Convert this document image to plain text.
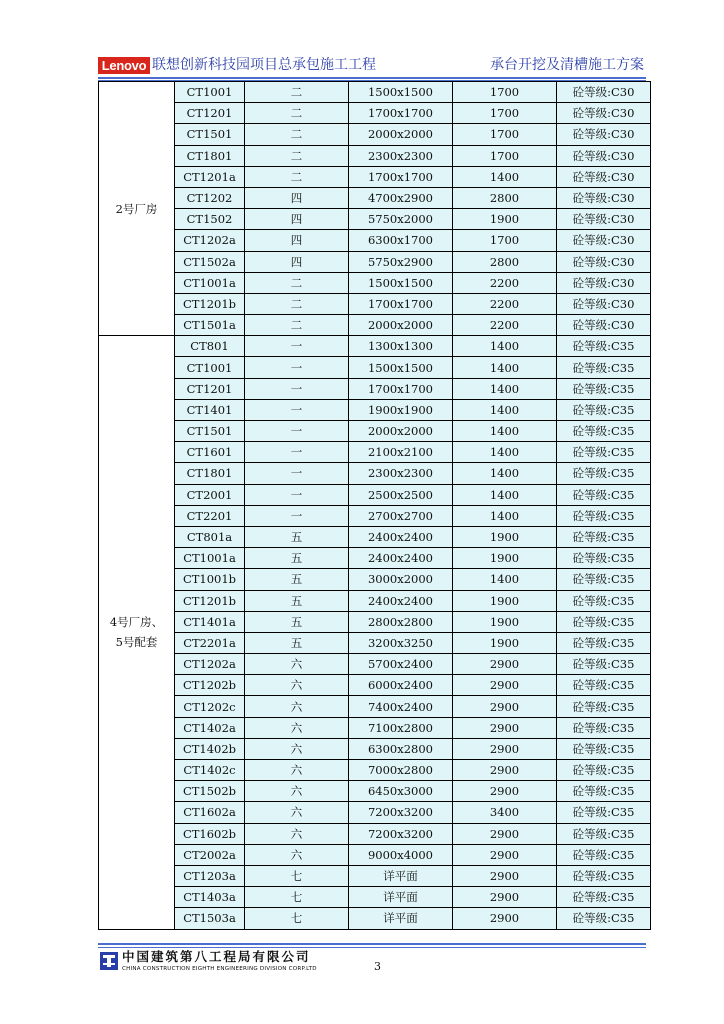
Lenovo 联想创新科技园项目总承包施工工程	承台开挖及清槽施工方案
2号厂房	CT1001	二	1500x1500	1700	砼等级:C30
	CT1201	二	1700x1700	1700	砼等级:C30
	CT1501	二	2000x2000	1700	砼等级:C30
	CT1801	二	2300x2300	1700	砼等级:C30
	CT1201a	二	1700x1700	1400	砼等级:C30
	CT1202	四	4700x2900	2800	砼等级:C30
	CT1502	四	5750x2000	1900	砼等级:C30
	CT1202a	四	6300x1700	1700	砼等级:C30
	CT1502a	四	5750x2900	2800	砼等级:C30
	CT1001a	二	1500x1500	2200	砼等级:C30
	CT1201b	二	1700x1700	2200	砼等级:C30
	CT1501a	二	2000x2000	2200	砼等级:C30

4号厂房、
5号配套	CT801	一	1300x1300	1400	砼等级:C35
	CT1001	一	1500x1500	1400	砼等级:C35
	CT1201	一	1700x1700	1400	砼等级:C35
	CT1401	一	1900x1900	1400	砼等级:C35
	CT1501	一	2000x2000	1400	砼等级:C35
	CT1601	一	2100x2100	1400	砼等级:C35
	CT1801	一	2300x2300	1400	砼等级:C35
	CT2001	一	2500x2500	1400	砼等级:C35
	CT2201	一	2700x2700	1400	砼等级:C35
	CT801a	五	2400x2400	1900	砼等级:C35
	CT1001a	五	2400x2400	1900	砼等级:C35
	CT1001b	五	3000x2000	1400	砼等级:C35
	CT1201b	五	2400x2400	1900	砼等级:C35
	CT1401a	五	2800x2800	1900	砼等级:C35
	CT2201a	五	3200x3250	1900	砼等级:C35
	CT1202a	六	5700x2400	2900	砼等级:C35
	CT1202b	六	6000x2400	2900	砼等级:C35
	CT1202c	六	7400x2400	2900	砼等级:C35
	CT1402a	六	7100x2800	2900	砼等级:C35
	CT1402b	六	6300x2800	2900	砼等级:C35
	CT1402c	六	7000x2800	2900	砼等级:C35
	CT1502b	六	6450x3000	2900	砼等级:C35
	CT1602a	六	7200x3200	3400	砼等级:C35
	CT1602b	六	7200x3200	2900	砼等级:C35
	CT2002a	六	9000x4000	2900	砼等级:C35
	CT1203a	七	详平面	2900	砼等级:C35
	CT1403a	七	详平面	2900	砼等级:C35
	CT1503a	七	详平面	2900	砼等级:C35
中国建筑第八工程局有限公司
CHINA CONSTRUCTION EIGHTH ENGINEERING DIVISION CORP.LTD	3
